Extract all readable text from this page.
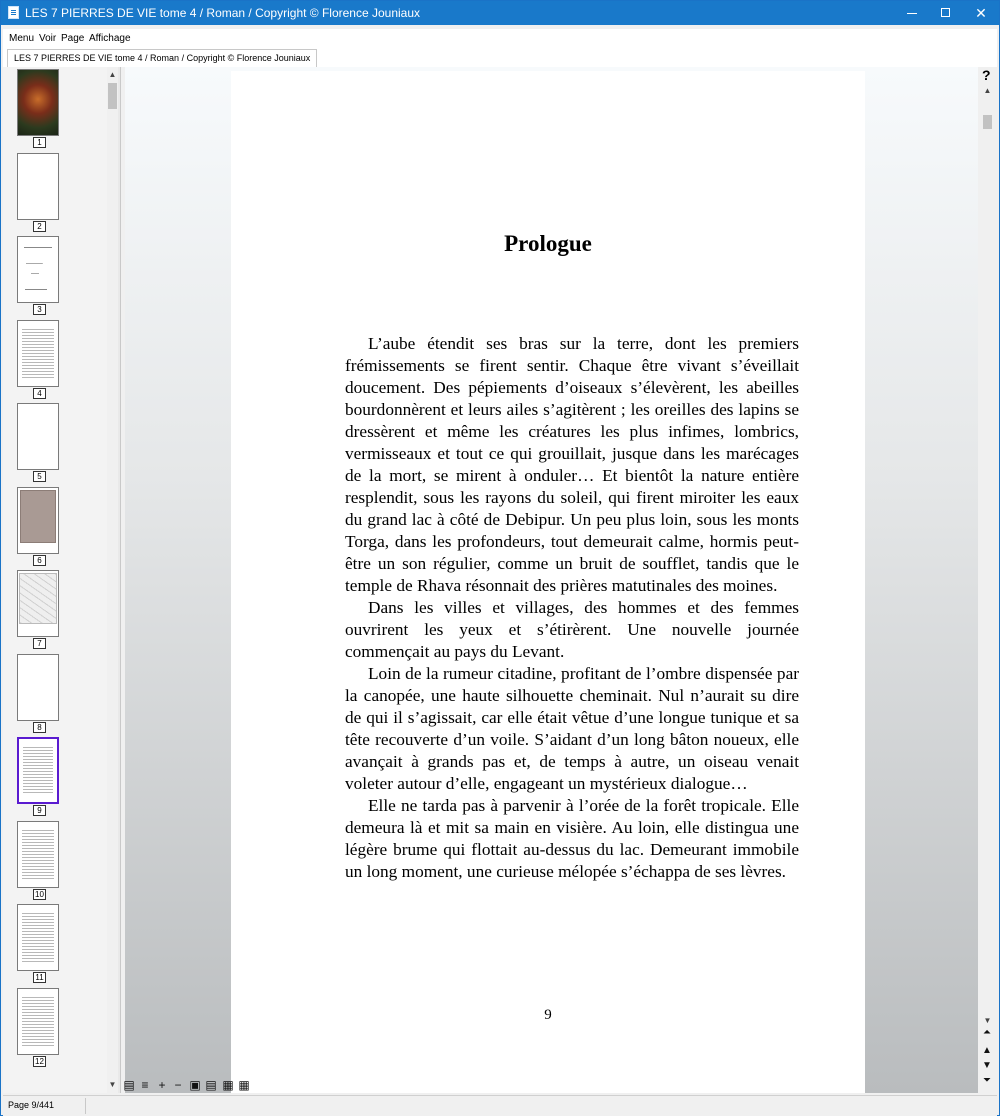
LES 7 PIERRES DE VIE tome 4 / Roman / Copyright © Florence Jouniaux	✕
Menu Voir Page Affichage
LES 7 PIERRES DE VIE tome 4 / Roman / Copyright © Florence Jouniaux
1
2
3
4
5
6
7
8
9
10
11
12
▲
▼
Prologue

L’aube étendit ses bras sur la terre, dont les premiers frémissements se firent sentir. Chaque être vivant s’éveillait doucement. Des pépiements d’oiseaux s’élevèrent, les abeilles bourdonnèrent et leurs ailes s’agitèrent ; les oreilles des lapins se dressèrent et même les créatures les plus infimes, lombrics, vermisseaux et tout ce qui grouillait, jusque dans les marécages de la mort, se mirent à onduler… Et bientôt la nature entière resplendit, sous les rayons du soleil, qui firent miroiter les eaux du grand lac à côté de Debipur. Un peu plus loin, sous les monts Torga, dans les profondeurs, tout demeurait calme, hormis peut-être un son régulier, comme un bruit de soufflet, tandis que le temple de Rhava résonnait des prières matutinales des moines.

Dans les villes et villages, des hommes et des femmes ouvrirent les yeux et s’étirèrent. Une nouvelle journée commençait au pays du Levant.

Loin de la rumeur citadine, profitant de l’ombre dispensée par la canopée, une haute silhouette cheminait. Nul n’aurait su dire de qui il s’agissait, car elle était vêtue d’une longue tunique et sa tête recouverte d’un voile. S’aidant d’un long bâton noueux, elle avançait à grands pas et, de temps à autre, un oiseau venait voleter autour d’elle, engageant un mystérieux dialogue…

Elle ne tarda pas à parvenir à l’orée de la forêt tropicale. Elle demeura là et mit sa main en visière. Au loin, elle distingua une légère brume qui flottait au-dessus du lac. Demeurant immobile un long moment, une curieuse mélopée s’échappa de ses lèvres.

9
?
▲
▼
⏶
▲
▼
⏷
▤ ≡ + − ▣ ▤ ▦ ▦
Page 9/441
